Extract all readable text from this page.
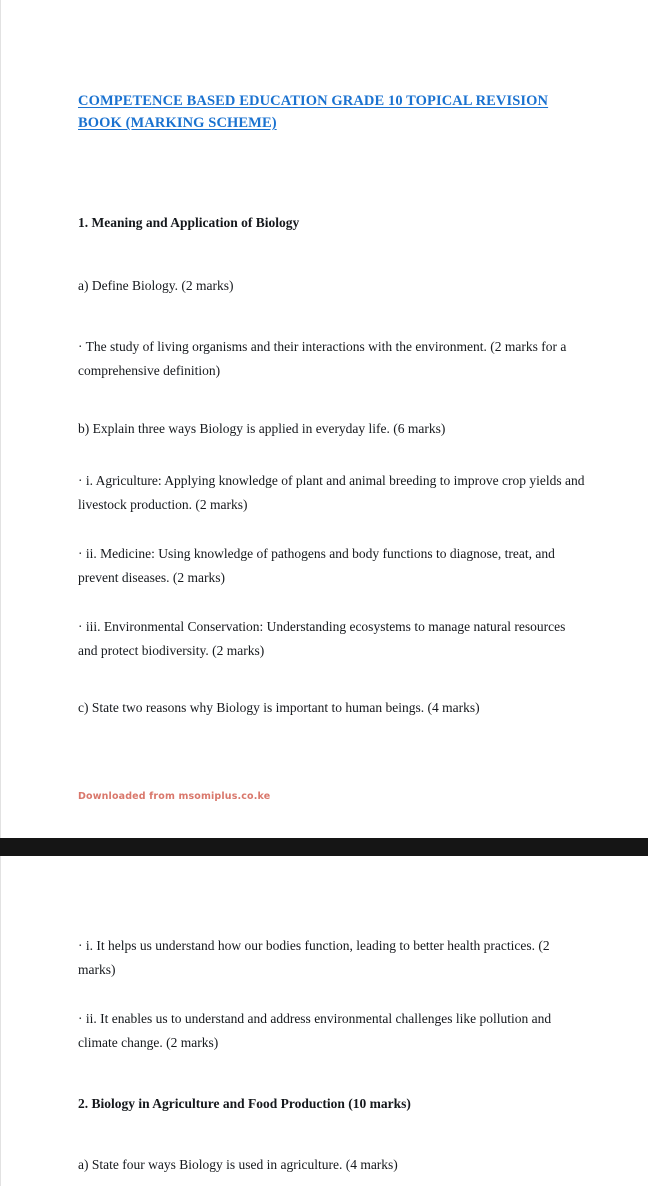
COMPETENCE BASED EDUCATION GRADE 10 TOPICAL REVISION BOOK (MARKING SCHEME)
1. Meaning and Application of Biology

a) Define Biology. (2 marks)

· The study of living organisms and their interactions with the environment. (2 marks for a comprehensive definition)

b) Explain three ways Biology is applied in everyday life. (6 marks)

· i. Agriculture: Applying knowledge of plant and animal breeding to improve crop yields and livestock production. (2 marks)

· ii. Medicine: Using knowledge of pathogens and body functions to diagnose, treat, and prevent diseases. (2 marks)

· iii. Environmental Conservation: Understanding ecosystems to manage natural resources and protect biodiversity. (2 marks)

c) State two reasons why Biology is important to human beings. (4 marks)

Downloaded from msomiplus.co.ke

· i. It helps us understand how our bodies function, leading to better health practices. (2 marks)

· ii. It enables us to understand and address environmental challenges like pollution and climate change. (2 marks)

2. Biology in Agriculture and Food Production (10 marks)

a) State four ways Biology is used in agriculture. (4 marks)
